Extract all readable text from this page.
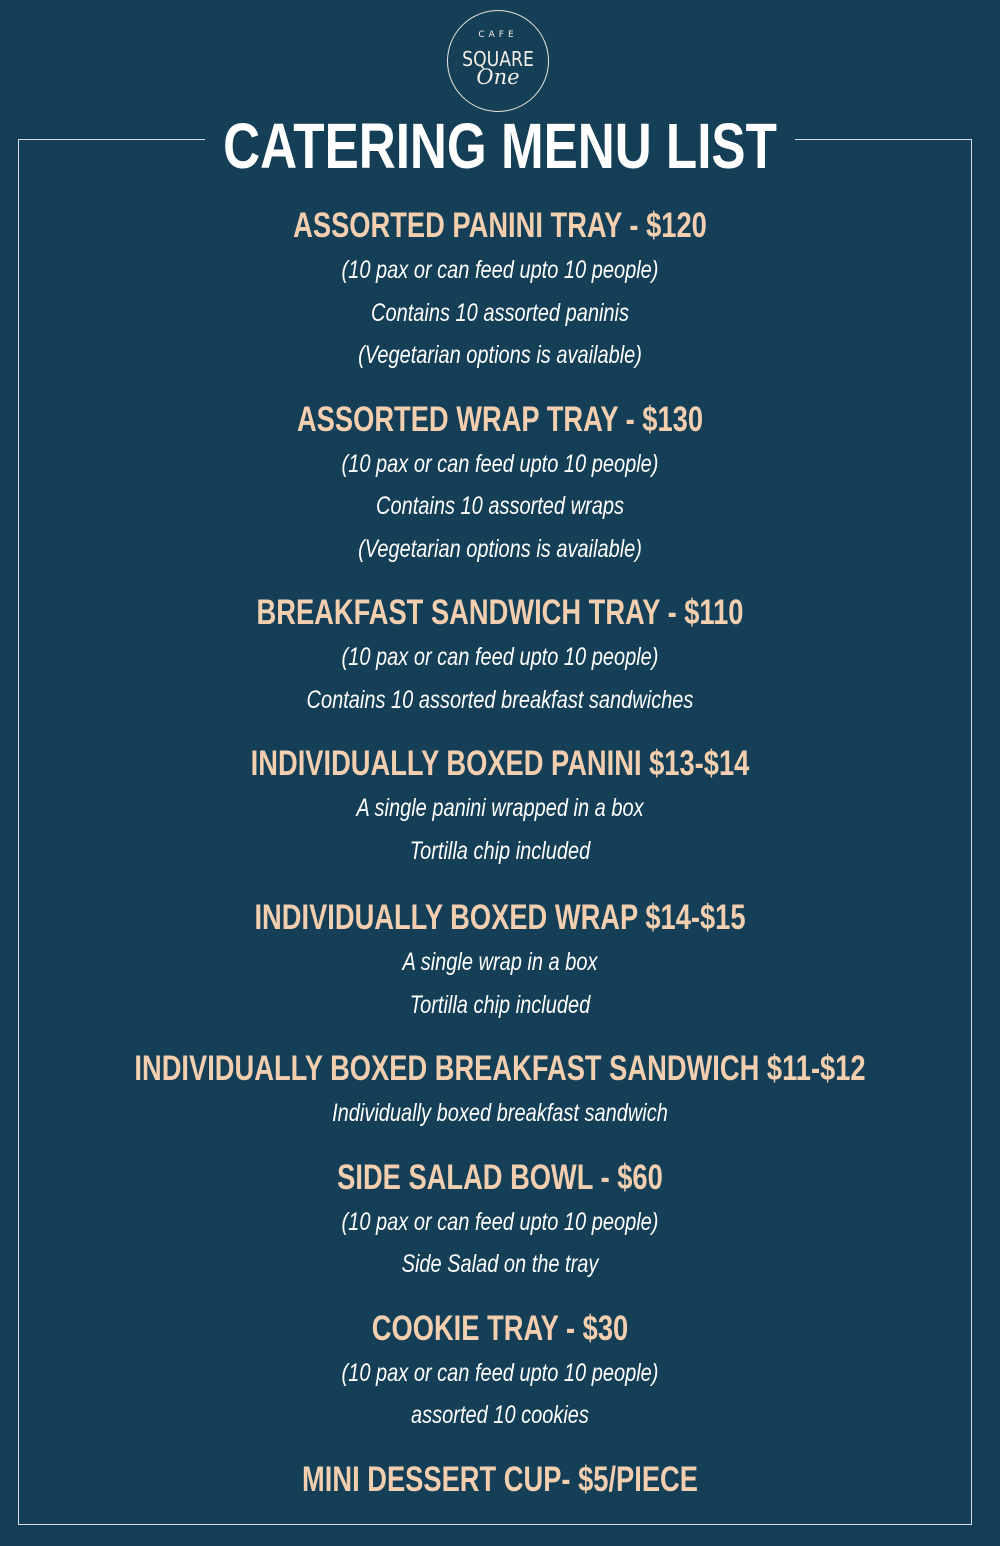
CAFE
SQUARE
One
CATERING MENU LIST
ASSORTED PANINI TRAY - $120
(10 pax or can feed upto 10 people)
Contains 10 assorted paninis
(Vegetarian options is available)
ASSORTED WRAP TRAY - $130
(10 pax or can feed upto 10 people)
Contains 10 assorted wraps
(Vegetarian options is available)
BREAKFAST SANDWICH TRAY - $110
(10 pax or can feed upto 10 people)
Contains 10 assorted breakfast sandwiches
INDIVIDUALLY BOXED PANINI $13-$14
A single panini wrapped in a box
Tortilla chip included
INDIVIDUALLY BOXED WRAP $14-$15
A single wrap in a box
Tortilla chip included
INDIVIDUALLY BOXED BREAKFAST SANDWICH $11-$12
Individually boxed breakfast sandwich
SIDE SALAD BOWL - $60
(10 pax or can feed upto 10 people)
Side Salad on the tray
COOKIE TRAY - $30
(10 pax or can feed upto 10 people)
assorted 10 cookies
MINI DESSERT CUP- $5/PIECE
